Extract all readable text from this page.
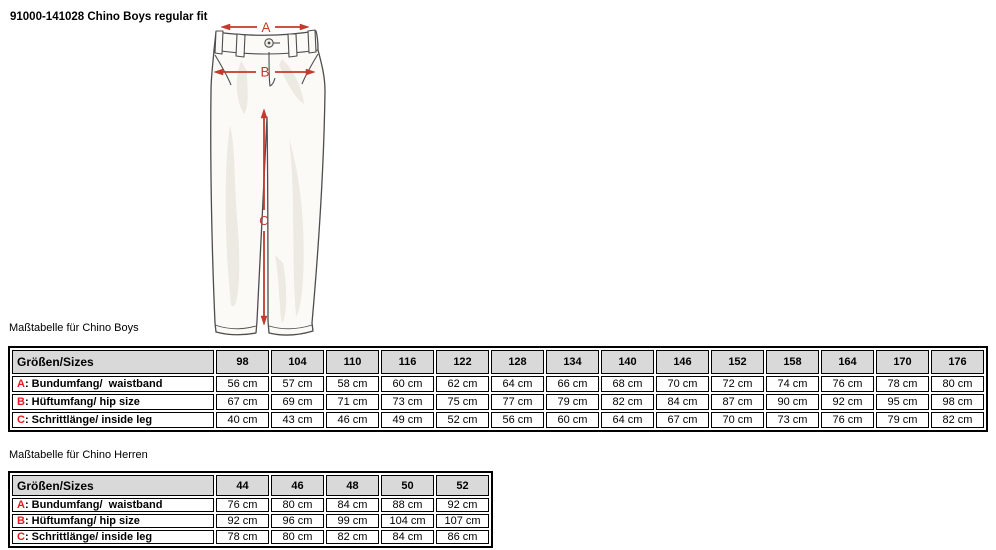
91000-141028 Chino Boys regular fit
A
B
C
Maßtabelle für Chino Boys
Größen/Sizes	98	104	110	116	122	128	134	140	146	152	158	164	170	176
A: Bundumfang/  waistband	56 cm	57 cm	58 cm	60 cm	62 cm	64 cm	66 cm	68 cm	70 cm	72 cm	74 cm	76 cm	78 cm	80 cm
B: Hüftumfang/ hip size	67 cm	69 cm	71 cm	73 cm	75 cm	77 cm	79 cm	82 cm	84 cm	87 cm	90 cm	92 cm	95 cm	98 cm
C: Schrittlänge/ inside leg	40 cm	43 cm	46 cm	49 cm	52 cm	56 cm	60 cm	64 cm	67 cm	70 cm	73 cm	76 cm	79 cm	82 cm
Maßtabelle für Chino Herren
Größen/Sizes	44	46	48	50	52
A: Bundumfang/  waistband	76 cm	80 cm	84 cm	88 cm	92 cm
B: Hüftumfang/ hip size	92 cm	96 cm	99 cm	104 cm	107 cm
C: Schrittlänge/ inside leg	78 cm	80 cm	82 cm	84 cm	86 cm
